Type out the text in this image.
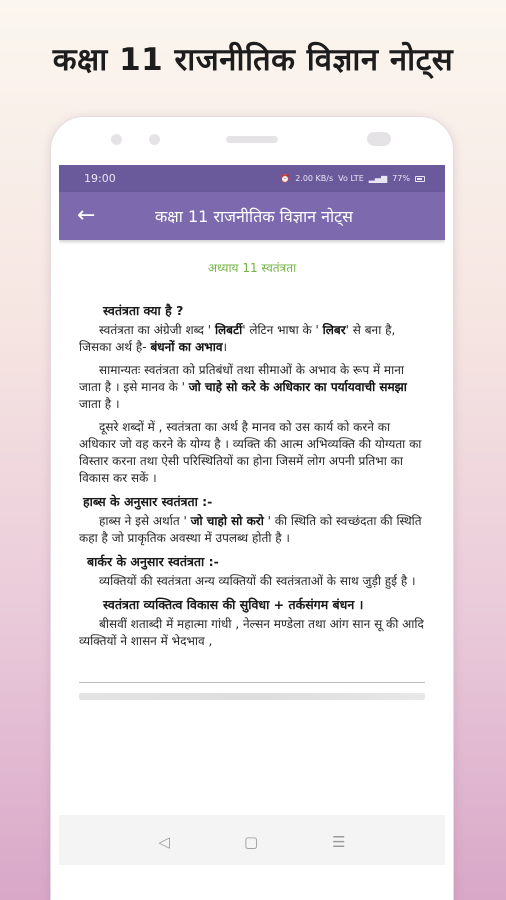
कक्षा 11 राजनीतिक विज्ञान नोट्स
19:00	⏰ 2.00 KB/s Vo LTE ▂▄▆ 77%
←	कक्षा 11 राजनीतिक विज्ञान नोट्स
अध्याय 11 स्वतंत्रता
स्वतंत्रता क्या है ?

स्वतंत्रता का अंग्रेजी शब्द ' लिबर्टी' लेटिन भाषा के ' लिबर' से बना है, जिसका अर्थ है- बंधनों का अभाव।

सामान्यतः स्वतंत्रता को प्रतिबंधों तथा सीमाओं के अभाव के रूप में माना जाता है । इसे मानव के ' जो चाहे सो करे के अधिकार का पर्यायवाची समझा जाता है ।

दूसरे शब्दों में , स्वतंत्रता का अर्थ है मानव को उस कार्य को करने का अधिकार जो वह करने के योग्य है । व्यक्ति की आत्म अभिव्यक्ति की योग्यता का विस्तार करना तथा ऐसी परिस्थितियों का होना जिसमें लोग अपनी प्रतिभा का विकास कर सकें ।

हाब्स के अनुसार स्वतंत्रता :-

हाब्स ने इसे अर्थात ' जो चाहो सो करो ' की स्थिति को स्वच्छंदता की स्थिति कहा है जो प्राकृतिक अवस्था में उपलब्ध होती है ।

बार्कर के अनुसार स्वतंत्रता :-

व्यक्तियों की स्वतंत्रता अन्य व्यक्तियों की स्वतंत्रताओं के साथ जुड़ी हुई है ।

स्वतंत्रता व्यक्तित्व विकास की सुविधा + तर्कसंगम बंधन ।

बीसवीं शताब्दी में महात्मा गांधी , नेल्सन मण्डेला तथा आंग सान सू की आदि व्यक्तियों ने शासन में भेदभाव ,

◁	▢	☰
